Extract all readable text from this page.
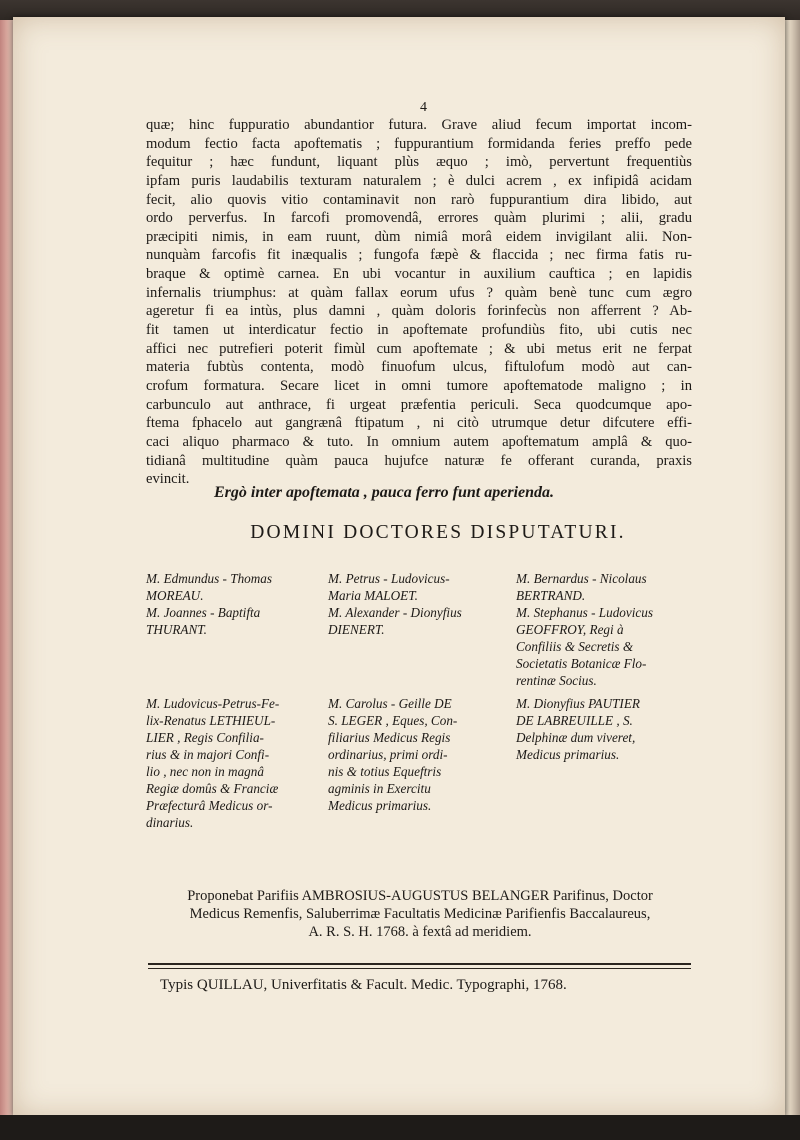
4
quæ; hinc fuppuratio abundantior futura. Grave aliud fecum importat incom-
modum fectio facta apoftematis ; fuppurantium formidanda feries preffo pede
fequitur ; hæc fundunt, liquant plùs æquo ; imò, pervertunt frequentiùs
ipfam puris laudabilis texturam naturalem ; è dulci acrem , ex infipidâ acidam
fecit, alio quovis vitio contaminavit non rarò fuppurantium dira libido, aut
ordo perverfus. In farcofi promovendâ, errores quàm plurimi ; alii, gradu
præcipiti nimis, in eam ruunt, dùm nimiâ morâ eidem invigilant alii. Non-
nunquàm farcofis fit inæqualis ; fungofa fæpè & flaccida ; nec firma fatis ru-
braque & optimè carnea. En ubi vocantur in auxilium cauftica ; en lapidis
infernalis triumphus: at quàm fallax eorum ufus ? quàm benè tunc cum ægro
ageretur fi ea intùs, plus damni , quàm doloris forinfecùs non afferrent ? Ab-
fit tamen ut interdicatur fectio in apoftemate profundiùs fito, ubi cutis nec
affici nec putrefieri poterit fimùl cum apoftemate ; & ubi metus erit ne ferpat
materia fubtùs contenta, modò finuofum ulcus, fiftulofum modò aut can-
crofum formatura. Secare licet in omni tumore apoftematode maligno ; in
carbunculo aut anthrace, fi urgeat præfentia periculi. Seca quodcumque apo-
ftema fphacelo aut gangrænâ ftipatum , ni citò utrumque detur difcutere effi-
caci aliquo pharmaco & tuto. In omnium autem apoftematum amplâ & quo-
tidianâ multitudine quàm pauca hujufce naturæ fe offerant curanda, praxis
evincit.
Ergò inter apoftemata , pauca ferro funt aperienda.
DOMINI DOCTORES DISPUTATURI.
M. Edmundus - Thomas
MOREAU.
M. Joannes - Baptifta
THURANT.
M. Petrus - Ludovicus-
Maria MALOET.
M. Alexander - Dionyfius
DIENERT.
M. Bernardus - Nicolaus
BERTRAND.
M. Stephanus - Ludovicus
GEOFFROY, Regi à
Confiliis & Secretis &
Societatis Botanicæ Flo-
rentinæ Socius.
M. Ludovicus-Petrus-Fe-
lix-Renatus LETHIEUL-
LIER , Regis Confilia-
rius & in majori Confi-
lio , nec non in magnâ
Regiæ domûs & Franciæ
Præfecturâ Medicus or-
dinarius.
M. Carolus - Geille DE
S. LEGER , Eques, Con-
filiarius Medicus Regis
ordinarius, primi ordi-
nis & totius Equeftris
agminis in Exercitu
Medicus primarius.
M. Dionyfius PAUTIER
DE LABREUILLE , S.
Delphinæ dum viveret,
Medicus primarius.
Proponebat Parifiis AMBROSIUS-AUGUSTUS BELANGER Parifinus, Doctor
Medicus Remenfis, Saluberrimæ Facultatis Medicinæ Parifienfis Baccalaureus,
A. R. S. H. 1768. à fextâ ad meridiem.
Typis QUILLAU, Univerfitatis & Facult. Medic. Typographi, 1768.
